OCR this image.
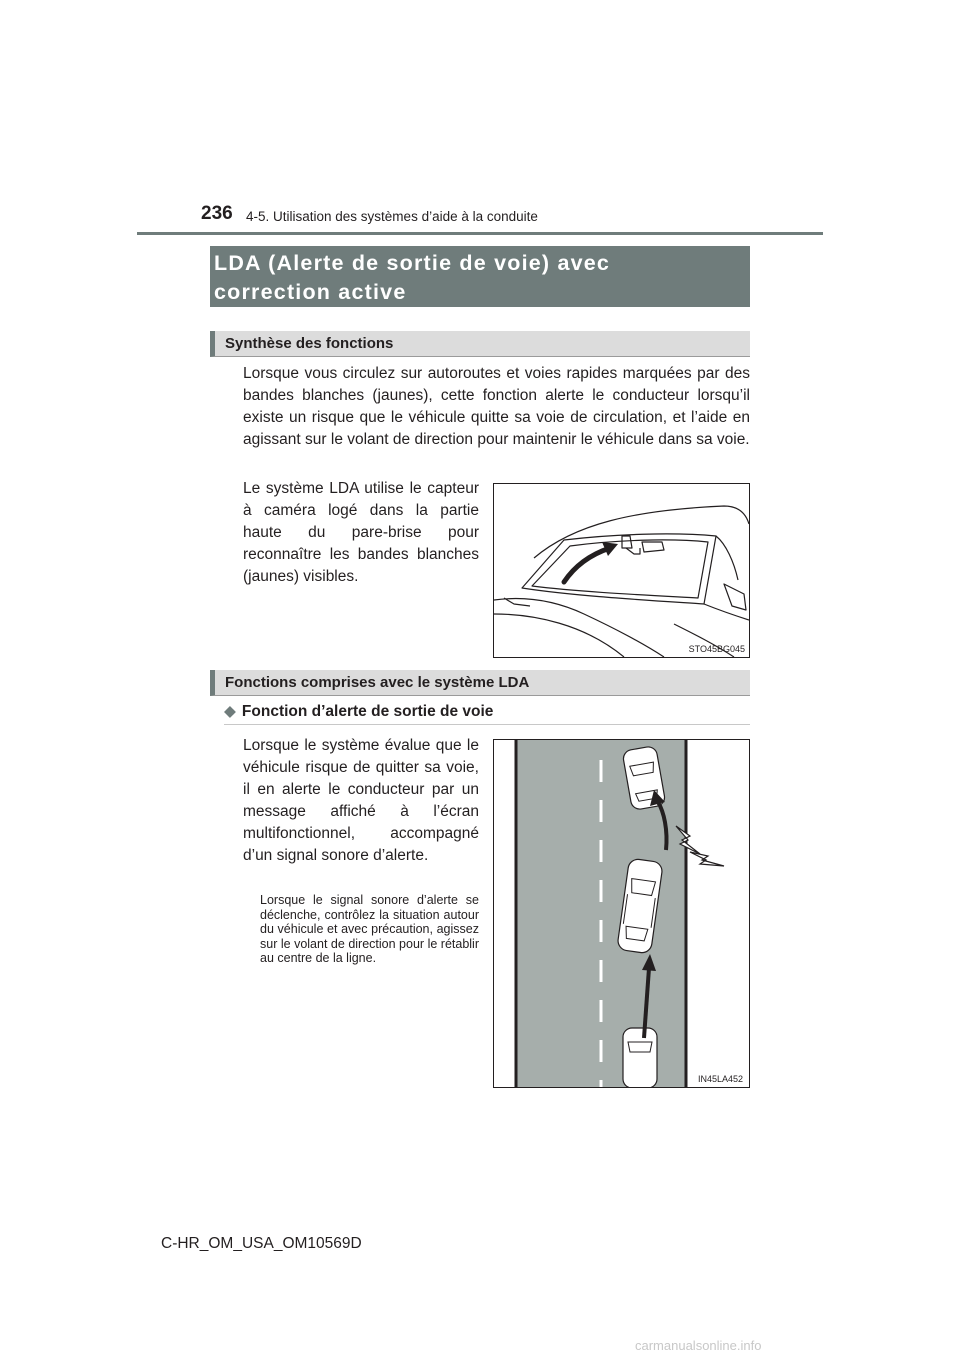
236 4-5. Utilisation des systèmes d’aide à la conduite
LDA (Alerte de sortie de voie) avec
correction active
Synthèse des fonctions
Lorsque vous circulez sur autoroutes et voies rapides marquées par des bandes blanches (jaunes), cette fonction alerte le conducteur lorsqu’il existe un risque que le véhicule quitte sa voie de circulation, et l’aide en agissant sur le volant de direction pour maintenir le véhicule dans sa voie.
Le système LDA utilise le capteur à caméra logé dans la partie haute du pare-brise pour reconnaître les bandes blanches (jaunes) visibles.
STO45BG045
Fonctions comprises avec le système LDA
◆ Fonction d’alerte de sortie de voie
Lorsque le système évalue que le véhicule risque de quitter sa voie, il en alerte le conducteur par un message affiché à l’écran multifonctionnel, accompagné d’un signal sonore d’alerte.
Lorsque le signal sonore d’alerte se déclenche, contrôlez la situation autour du véhicule et avec précaution, agissez sur le volant de direction pour le rétablir au centre de la ligne.
IN45LA452
C-HR_OM_USA_OM10569D
carmanualsonline.info
